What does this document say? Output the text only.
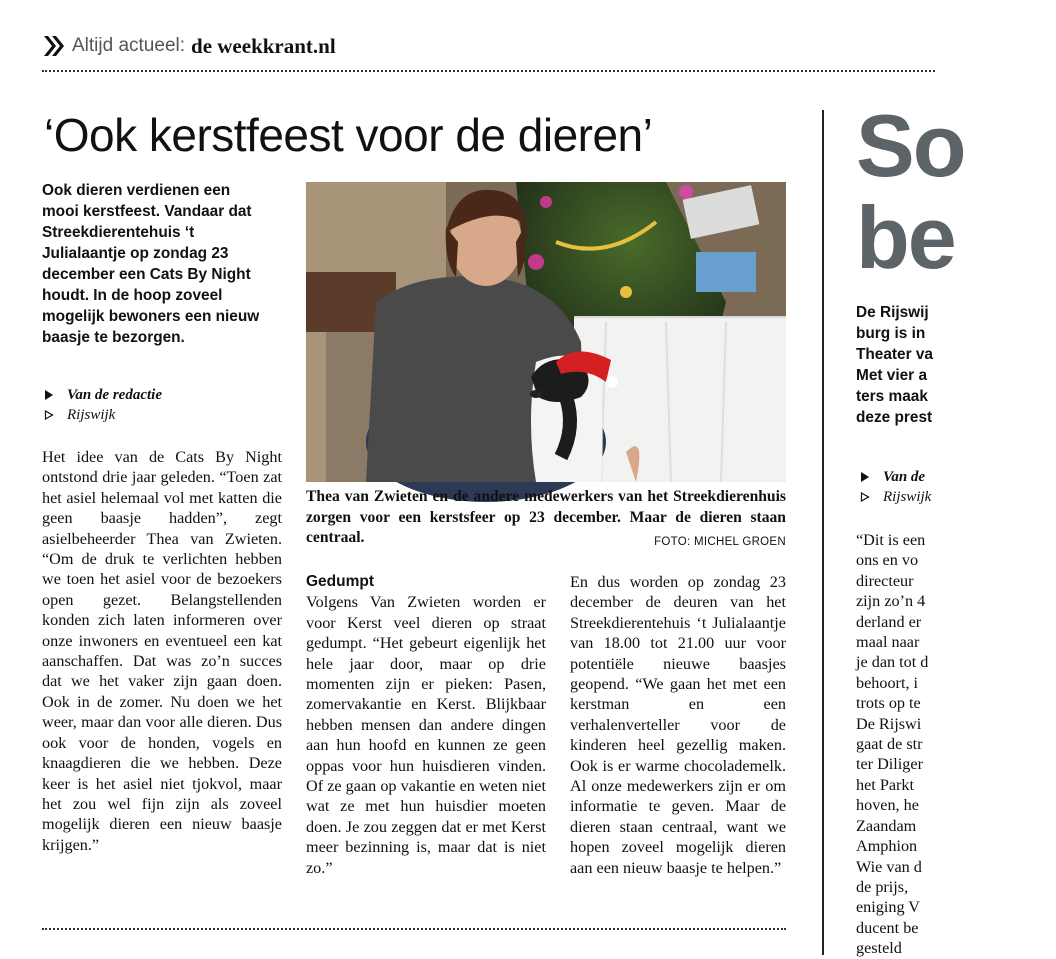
Altijd actueel: de weekkrant.nl
‘Ook kerstfeest voor de dieren’
Ook dieren verdienen een mooi kerstfeest. Vandaar dat Streekdierentehuis ‘t Julialaantje op zondag 23 december een Cats By Night houdt. In de hoop zoveel mogelijk bewoners een nieuw baasje te bezorgen.
Van de redactie
Rijswijk
Het idee van de Cats By Night ontstond drie jaar geleden. “Toen zat het asiel helemaal vol met katten die geen baasje hadden”, zegt asielbeheerder Thea van Zwieten. “Om de druk te verlichten hebben we toen het asiel voor de bezoekers open gezet. Belangstellenden konden zich laten informeren over onze inwoners en eventueel een kat aanschaffen. Dat was zo’n succes dat we het vaker zijn gaan doen. Ook in de zomer. Nu doen we het weer, maar dan voor alle dieren. Dus ook voor de honden, vogels en knaagdieren die we hebben. Deze keer is het asiel niet tjokvol, maar het zou wel fijn zijn als zoveel mogelijk dieren een nieuw baasje krijgen.”
Thea van Zwieten en de andere medewerkers van het Streekdierenhuis zorgen voor een kerstsfeer op 23 december. Maar de dieren staan centraal.	FOTO: MICHEL GROEN
Gedumpt
Volgens Van Zwieten worden er voor Kerst veel dieren op straat gedumpt. “Het gebeurt eigenlijk het hele jaar door, maar op drie momenten zijn er pieken: Pasen, zomervakantie en Kerst. Blijkbaar hebben mensen dan andere dingen aan hun hoofd en kunnen ze geen oppas voor hun huisdieren vinden. Of ze gaan op vakantie en weten niet wat ze met hun huisdier moeten doen. Je zou zeggen dat er met Kerst meer bezinning is, maar dat is niet zo.”
En dus worden op zondag 23 december de deuren van het Streekdierentehuis ‘t Julialaantje van 18.00 tot 21.00 uur voor potentiële nieuwe baasjes geopend. “We gaan het met een kerstman en een verhalenverteller voor de kinderen heel gezellig maken. Ook is er warme chocolademelk. Al onze medewerkers zijn er om informatie te geven. Maar de dieren staan centraal, want we hopen zoveel mogelijk dieren aan een nieuw baasje te helpen.”
So
be
De Rijswij
burg is in
Theater va
Met vier a
ters maak
deze prest
Van de
Rijswijk
“Dit is een
ons en vo
directeur
zijn zo’n 4
derland er
maal naar
je dan tot d
behoort, i
trots op te
De Rijswi
gaat de str
ter Diliger
het Parkt
hoven, he
Zaandam
Amphion
Wie van d
de prijs,
eniging V
ducent be
gesteld
